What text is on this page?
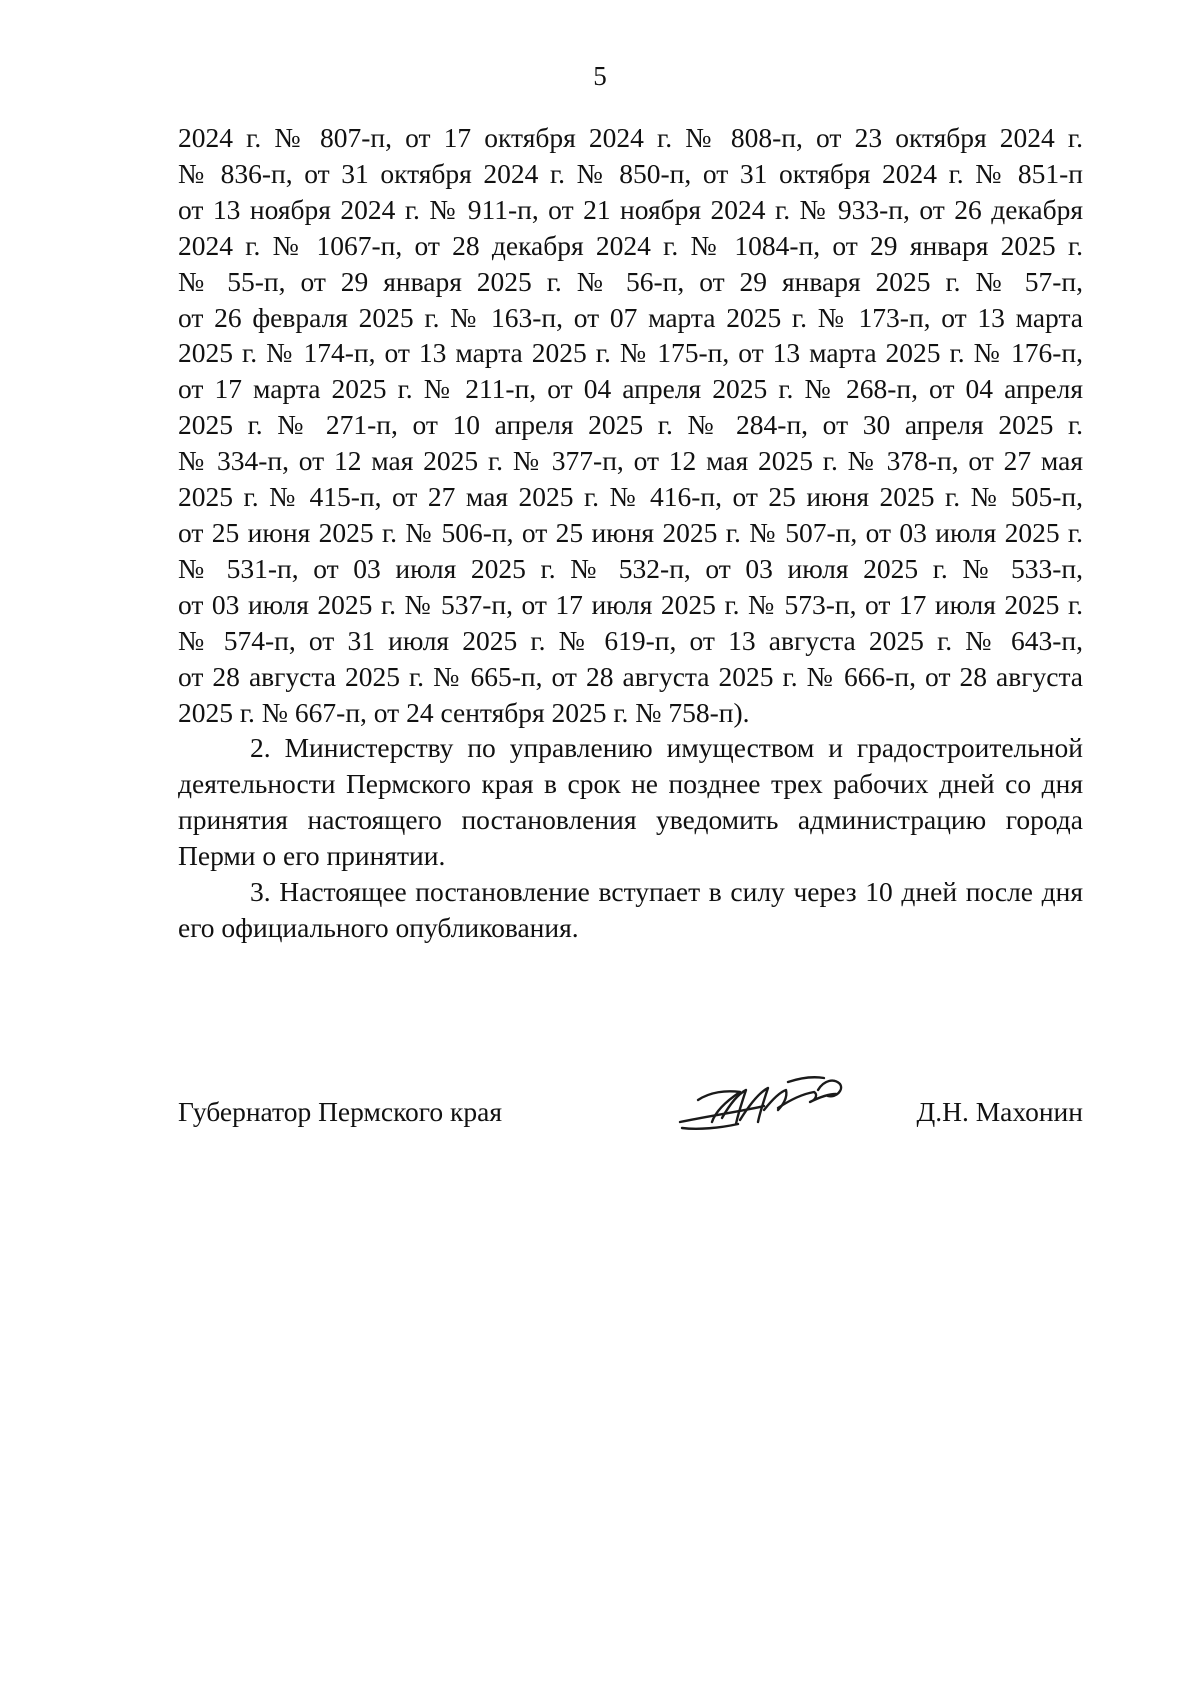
5
2024 г. № 807-п, от 17 октября 2024 г. № 808-п, от 23 октября 2024 г.
№ 836-п, от 31 октября 2024 г. № 850-п, от 31 октября 2024 г. № 851-п
от 13 ноября 2024 г. № 911-п, от 21 ноября 2024 г. № 933-п, от 26 декабря
2024 г. № 1067-п, от 28 декабря 2024 г. № 1084-п, от 29 января 2025 г.
№ 55-п, от 29 января 2025 г. № 56-п, от 29 января 2025 г. № 57-п,
от 26 февраля 2025 г. № 163-п, от 07 марта 2025 г. № 173-п, от 13 марта
2025 г. № 174-п, от 13 марта 2025 г. № 175-п, от 13 марта 2025 г. № 176-п,
от 17 марта 2025 г. № 211-п, от 04 апреля 2025 г. № 268-п, от 04 апреля
2025 г. № 271-п, от 10 апреля 2025 г. № 284-п, от 30 апреля 2025 г.
№ 334-п, от 12 мая 2025 г. № 377-п, от 12 мая 2025 г. № 378-п, от 27 мая
2025 г. № 415-п, от 27 мая 2025 г. № 416-п, от 25 июня 2025 г. № 505-п,
от 25 июня 2025 г. № 506-п, от 25 июня 2025 г. № 507-п, от 03 июля 2025 г.
№ 531-п, от 03 июля 2025 г. № 532-п, от 03 июля 2025 г. № 533-п,
от 03 июля 2025 г. № 537-п, от 17 июля 2025 г. № 573-п, от 17 июля 2025 г.
№ 574-п, от 31 июля 2025 г. № 619-п, от 13 августа 2025 г. № 643-п,
от 28 августа 2025 г. № 665-п, от 28 августа 2025 г. № 666-п, от 28 августа
2025 г. № 667-п, от 24 сентября 2025 г. № 758-п).
2. Министерству по управлению имуществом и градостроительной
деятельности Пермского края в срок не позднее трех рабочих дней со дня
принятия настоящего постановления уведомить администрацию города
Перми о его принятии.
3. Настоящее постановление вступает в силу через 10 дней после дня
его официального опубликования.
Губернатор Пермского края	Д.Н. Махонин
